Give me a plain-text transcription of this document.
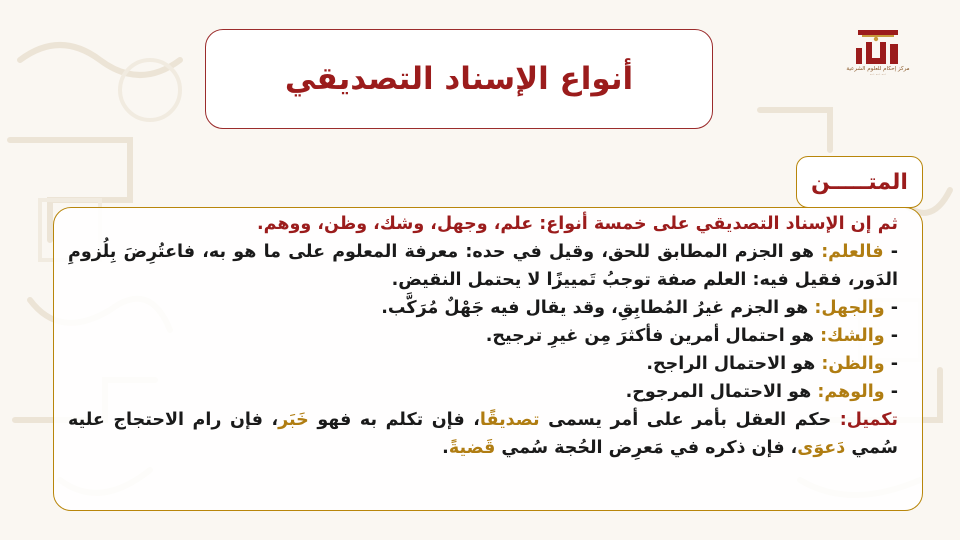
مركز إحكام للعلوم الشرعية
ㅡ ㅡ ㅡ
أنواع الإسناد التصديقي
المتـــــن

ثم إن الإسناد التصديقي على خمسة أنواع: علم، وجهل، وشك، وظن، ووهم.

- فالعلم: هو الجزم المطابق للحق، وقيل في حده: معرفة المعلوم على ما هو به، فاعتُرِضَ بِلُزومِ الدَور، فقيل فيه: العلم صفة توجبُ تَمييزًا لا يحتمل النقيض.

- والجهل: هو الجزم غيرُ المُطابِقِ، وقد يقال فيه جَهْلٌ مُرَكَّب.

- والشك: هو احتمال أمرين فأكثرَ مِن غيرِ ترجيح.

- والظن: هو الاحتمال الراجح.

- والوهم: هو الاحتمال المرجوح.

تكميل: حكم العقل بأمر على أمر يسمى تصديقًا، فإن تكلم به فهو خَبَر، فإن رام الاحتجاج عليه سُمي دَعوَى، فإن ذكره في مَعرِض الحُجة سُمي قَضيةً.
